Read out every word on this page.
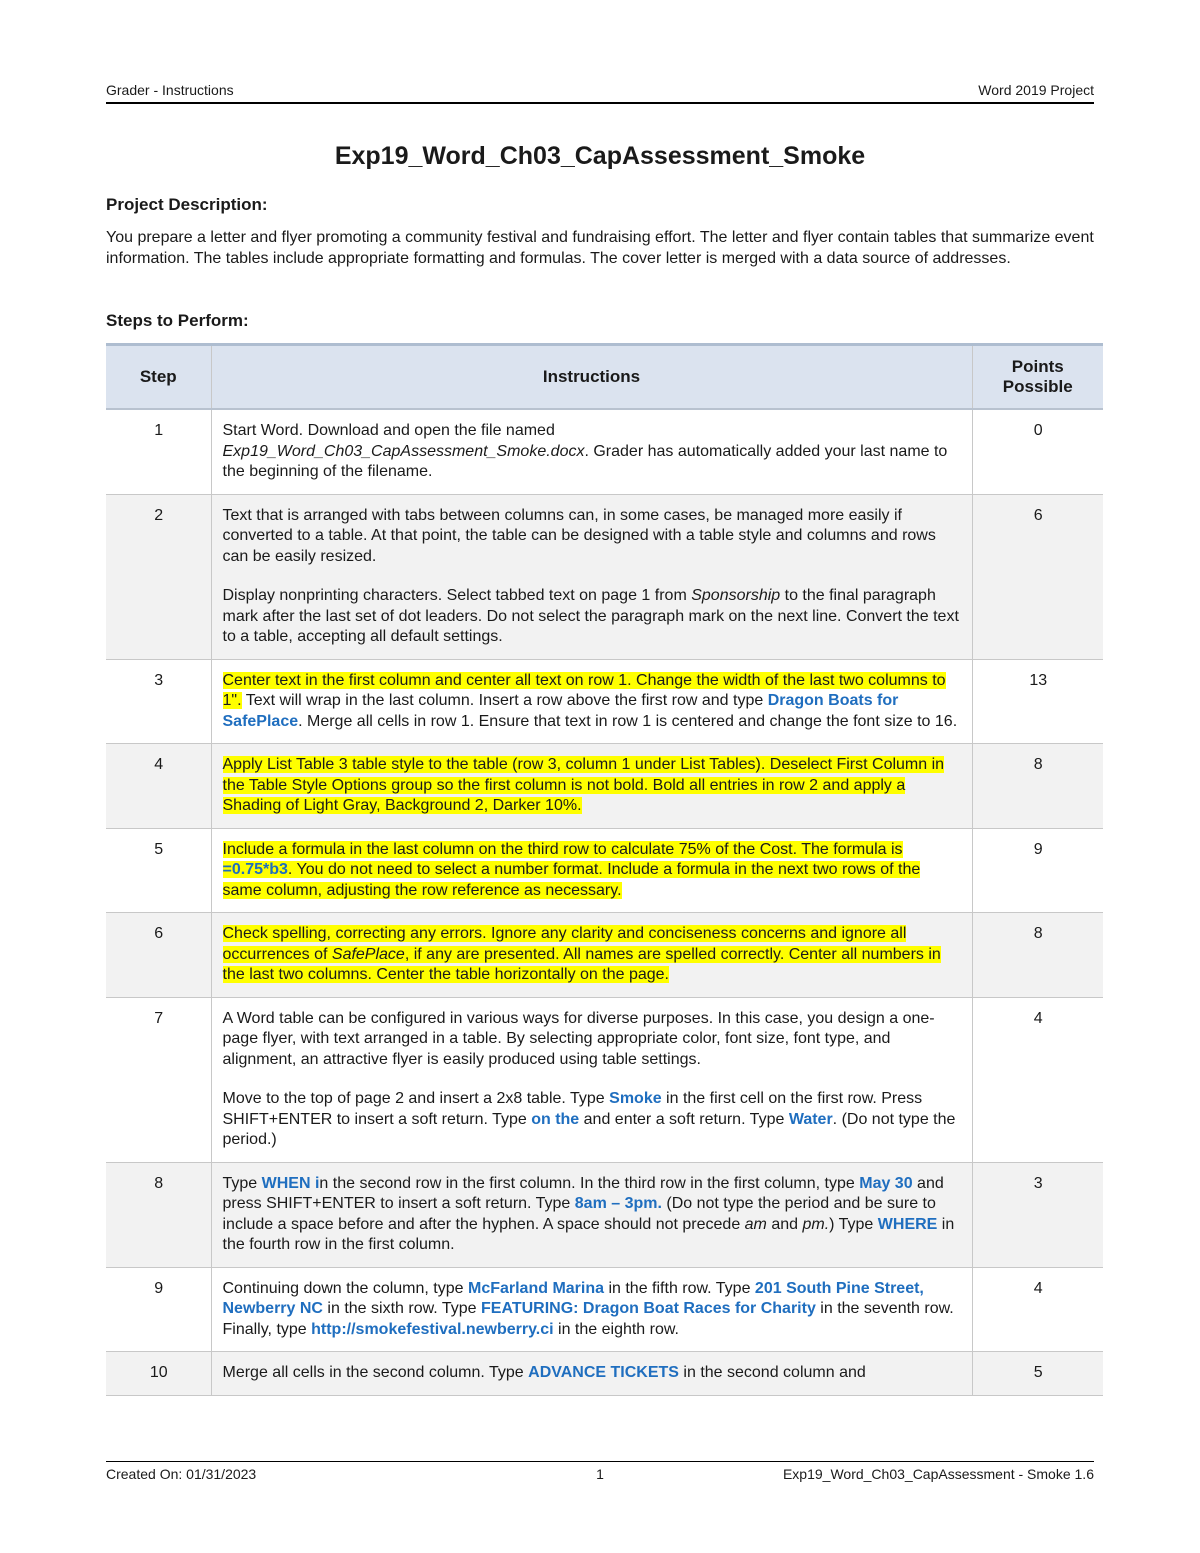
Grader - Instructions	Word 2019 Project
Exp19_Word_Ch03_CapAssessment_Smoke
Project Description:

You prepare a letter and flyer promoting a community festival and fundraising effort. The letter and flyer contain tables that summarize event information. The tables include appropriate formatting and formulas. The cover letter is merged with a data source of addresses.

Steps to Perform:
Step	Instructions	Points
Possible

1	Start Word. Download and open the file named
Exp19_Word_Ch03_CapAssessment_Smoke.docx. Grader has automatically added your last name to the beginning of the filename.	0
2	Text that is arranged with tabs between columns can, in some cases, be managed more easily if converted to a table. At that point, the table can be designed with a table style and columns and rows can be easily resized.
Display nonprinting characters. Select tabbed text on page 1 from Sponsorship to the final paragraph mark after the last set of dot leaders. Do not select the paragraph mark on the next line. Convert the text to a table, accepting all default settings.	6
3	Center text in the first column and center all text on row 1. Change the width of the last two columns to 1". Text will wrap in the last column. Insert a row above the first row and type Dragon Boats for SafePlace. Merge all cells in row 1. Ensure that text in row 1 is centered and change the font size to 16.	13
4	Apply List Table 3 table style to the table (row 3, column 1 under List Tables). Deselect First Column in the Table Style Options group so the first column is not bold. Bold all entries in row 2 and apply a Shading of Light Gray, Background 2, Darker 10%.	8
5	Include a formula in the last column on the third row to calculate 75% of the Cost. The formula is =0.75*b3. You do not need to select a number format. Include a formula in the next two rows of the same column, adjusting the row reference as necessary.	9
6	Check spelling, correcting any errors. Ignore any clarity and conciseness concerns and ignore all occurrences of SafePlace, if any are presented. All names are spelled correctly. Center all numbers in the last two columns. Center the table horizontally on the page.	8
7	A Word table can be configured in various ways for diverse purposes. In this case, you design a one-page flyer, with text arranged in a table. By selecting appropriate color, font size, font type, and alignment, an attractive flyer is easily produced using table settings.
Move to the top of page 2 and insert a 2x8 table. Type Smoke in the first cell on the first row. Press SHIFT+ENTER to insert a soft return. Type on the and enter a soft return. Type Water. (Do not type the period.)	4
8	Type WHEN in the second row in the first column. In the third row in the first column, type May 30 and press SHIFT+ENTER to insert a soft return. Type 8am – 3pm. (Do not type the period and be sure to include a space before and after the hyphen. A space should not precede am and pm.) Type WHERE in the fourth row in the first column.	3
9	Continuing down the column, type McFarland Marina in the fifth row. Type 201 South Pine Street, Newberry NC in the sixth row. Type FEATURING: Dragon Boat Races for Charity in the seventh row. Finally, type http://smokefestival.newberry.ci in the eighth row.	4
10	Merge all cells in the second column. Type ADVANCE TICKETS in the second column and	5
Created On: 01/31/2023	1	Exp19_Word_Ch03_CapAssessment - Smoke 1.6
